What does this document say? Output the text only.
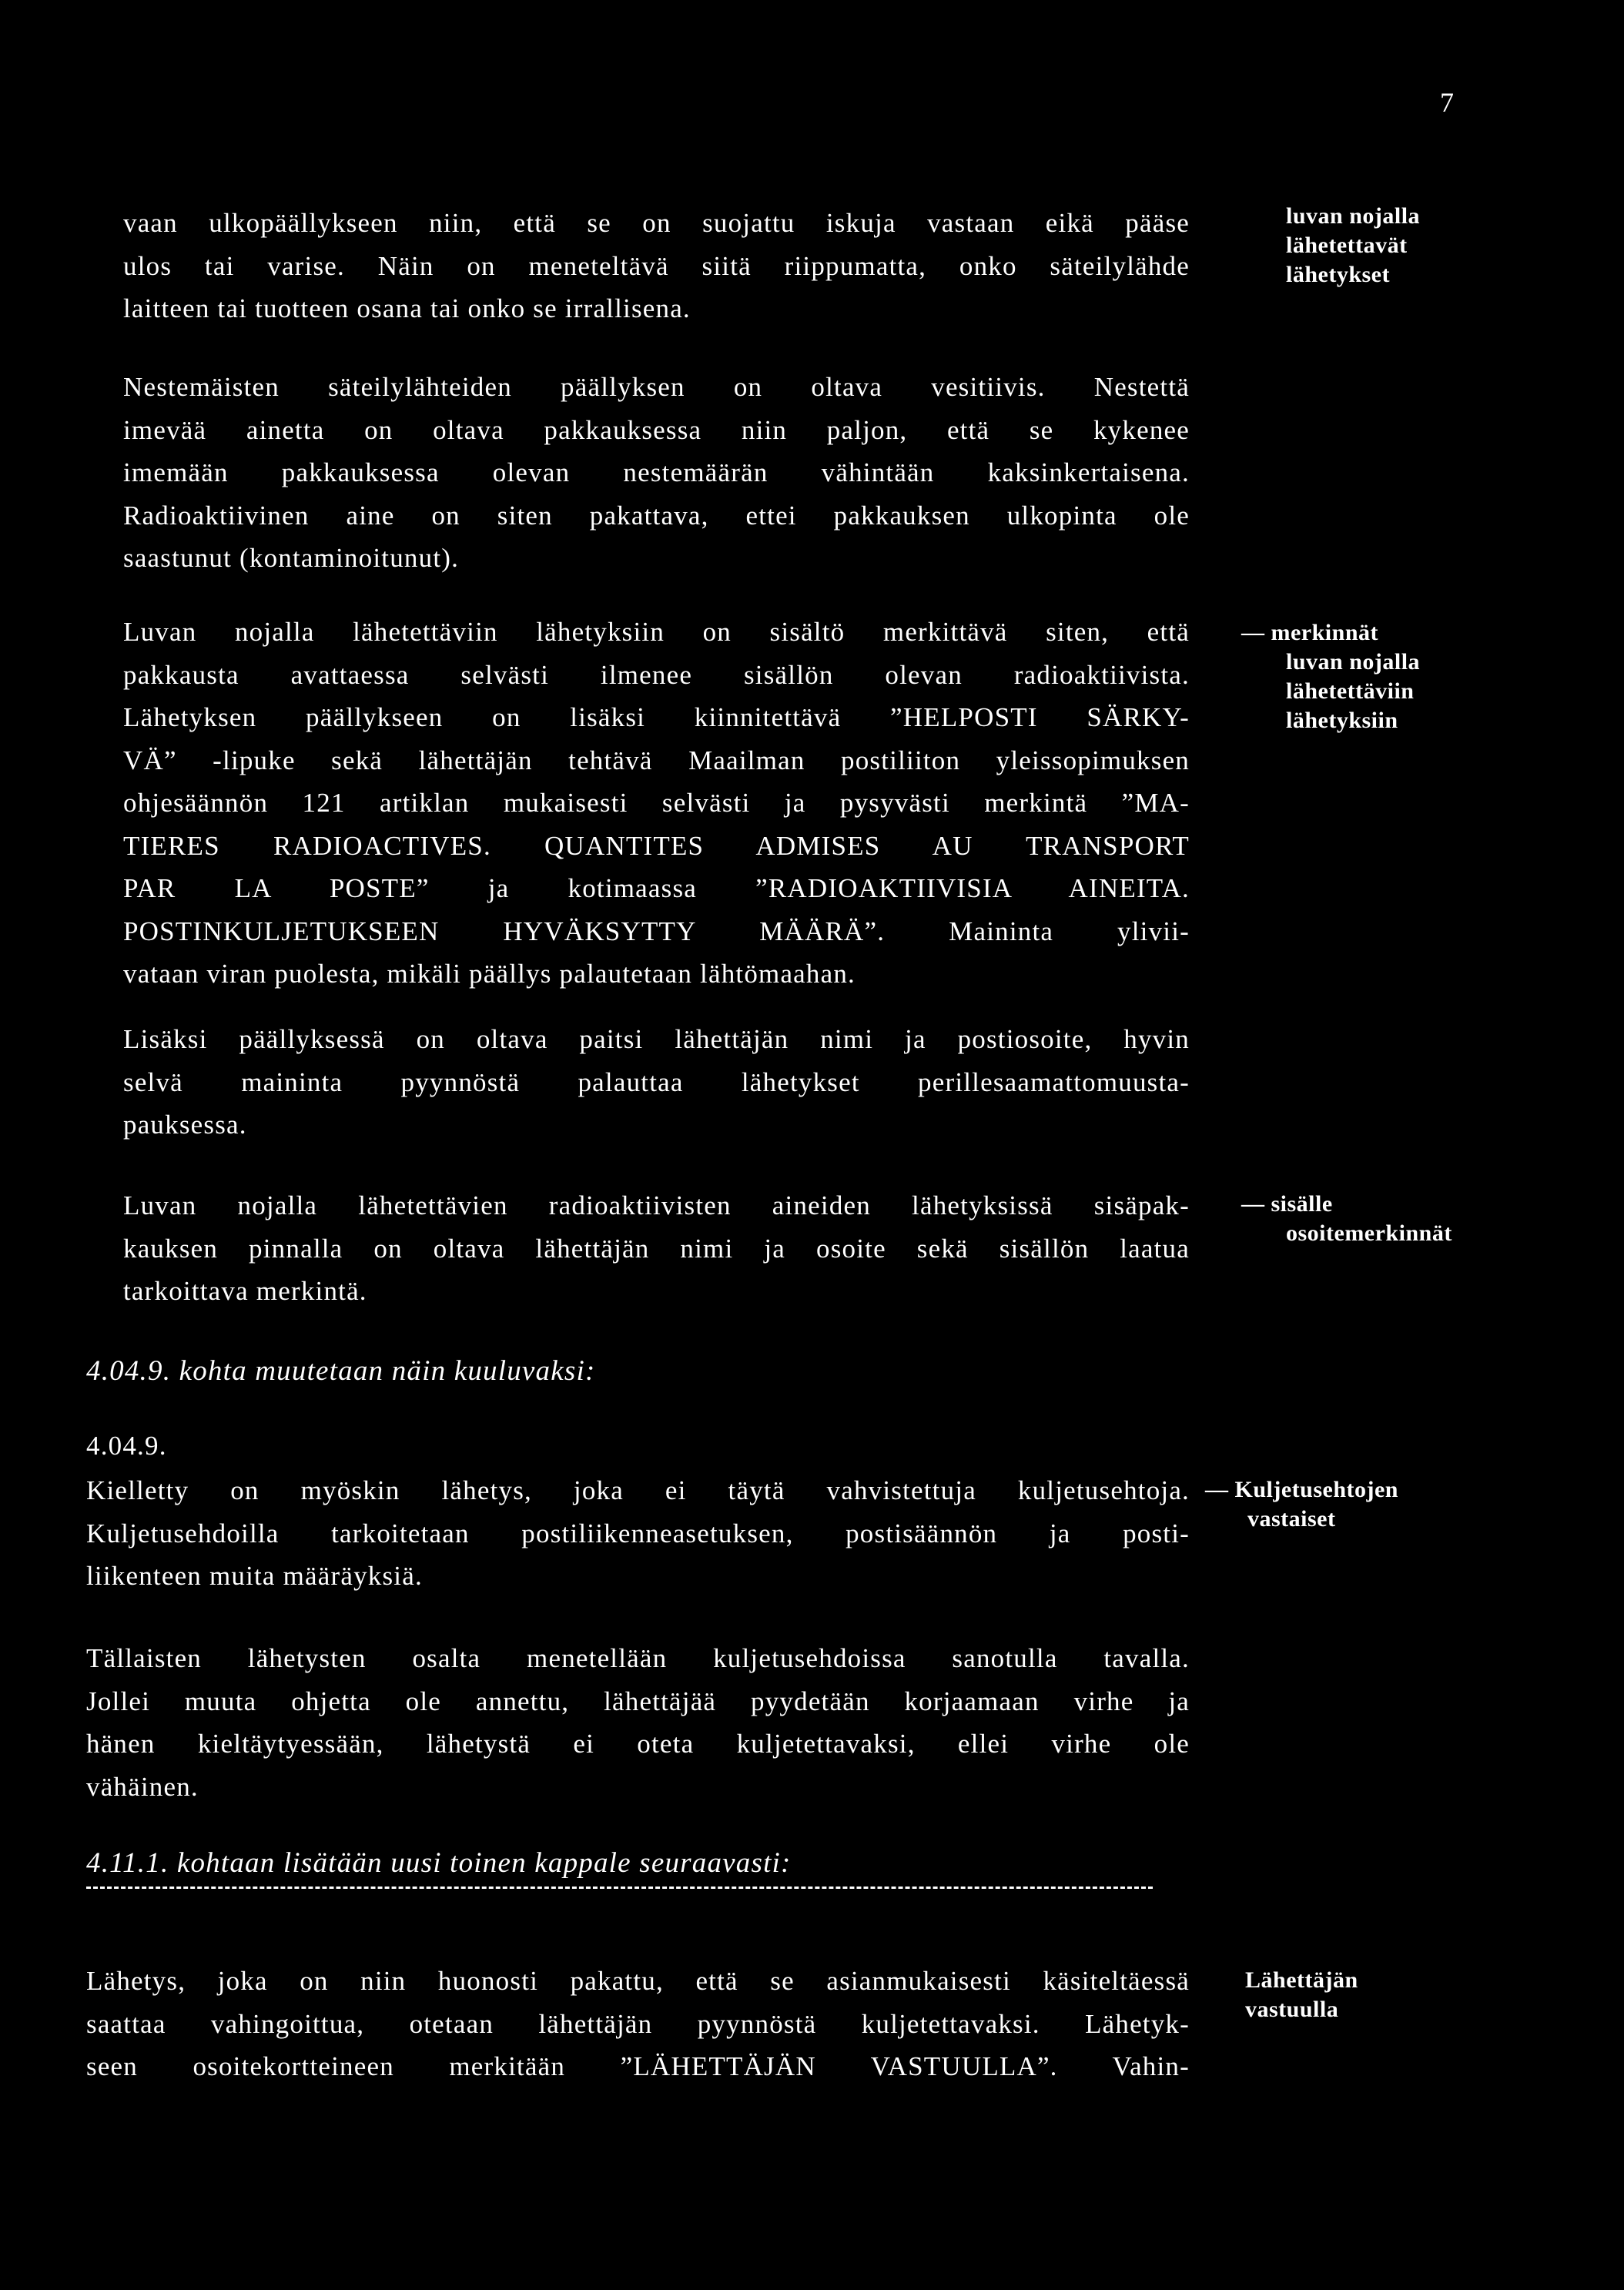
7
vaan ulkopäällykseen niin, että se on suojattu iskuja vastaan eikä pääse
ulos tai varise. Näin on meneteltävä siitä riippumatta, onko säteilylähde
laitteen tai tuotteen osana tai onko se irrallisena.
luvan nojalla
lähetettavät
lähetykset
Nestemäisten säteilylähteiden päällyksen on oltava vesitiivis. Nestettä
imevää ainetta on oltava pakkauksessa niin paljon, että se kykenee
imemään pakkauksessa olevan nestemäärän vähintään kaksinkertaisena.
Radioaktiivinen aine on siten pakattava, ettei pakkauksen ulkopinta ole
saastunut (kontaminoitunut).
Luvan nojalla lähetettäviin lähetyksiin on sisältö merkittävä siten, että
pakkausta avattaessa selvästi ilmenee sisällön olevan radioaktiivista.
Lähetyksen päällykseen on lisäksi kiinnitettävä ”HELPOSTI SÄRKY-
VÄ” -lipuke sekä lähettäjän tehtävä Maailman postiliiton yleissopimuksen
ohjesäännön 121 artiklan mukaisesti selvästi ja pysyvästi merkintä ”MA-
TIERES RADIOACTIVES. QUANTITES ADMISES AU TRANSPORT
PAR LA POSTE” ja kotimaassa ”RADIOAKTIIVISIA AINEITA.
POSTINKULJETUKSEEN HYVÄKSYTTY MÄÄRÄ”. Maininta ylivii-
vataan viran puolesta, mikäli päällys palautetaan lähtömaahan.
— merkinnät
luvan nojalla
lähetettäviin
lähetyksiin
Lisäksi päällyksessä on oltava paitsi lähettäjän nimi ja postiosoite, hyvin
selvä maininta pyynnöstä palauttaa lähetykset perillesaamattomuusta-
pauksessa.
Luvan nojalla lähetettävien radioaktiivisten aineiden lähetyksissä sisäpak-
kauksen pinnalla on oltava lähettäjän nimi ja osoite sekä sisällön laatua
tarkoittava merkintä.
— sisälle
osoitemerkinnät
4.04.9. kohta muutetaan näin kuuluvaksi:
4.04.9.
Kielletty on myöskin lähetys, joka ei täytä vahvistettuja kuljetusehtoja.
Kuljetusehdoilla tarkoitetaan postiliikenneasetuksen, postisäännön ja posti-
liikenteen muita määräyksiä.
— Kuljetusehtojen
vastaiset
Tällaisten lähetysten osalta menetellään kuljetusehdoissa sanotulla tavalla.
Jollei muuta ohjetta ole annettu, lähettäjää pyydetään korjaamaan virhe ja
hänen kieltäytyessään, lähetystä ei oteta kuljetettavaksi, ellei virhe ole
vähäinen.
4.11.1. kohtaan lisätään uusi toinen kappale seuraavasti:
Lähetys, joka on niin huonosti pakattu, että se asianmukaisesti käsiteltäessä
saattaa vahingoittua, otetaan lähettäjän pyynnöstä kuljetettavaksi. Lähetyk-
seen osoitekortteineen merkitään ”LÄHETTÄJÄN VASTUULLA”. Vahin-
Lähettäjän
vastuulla
